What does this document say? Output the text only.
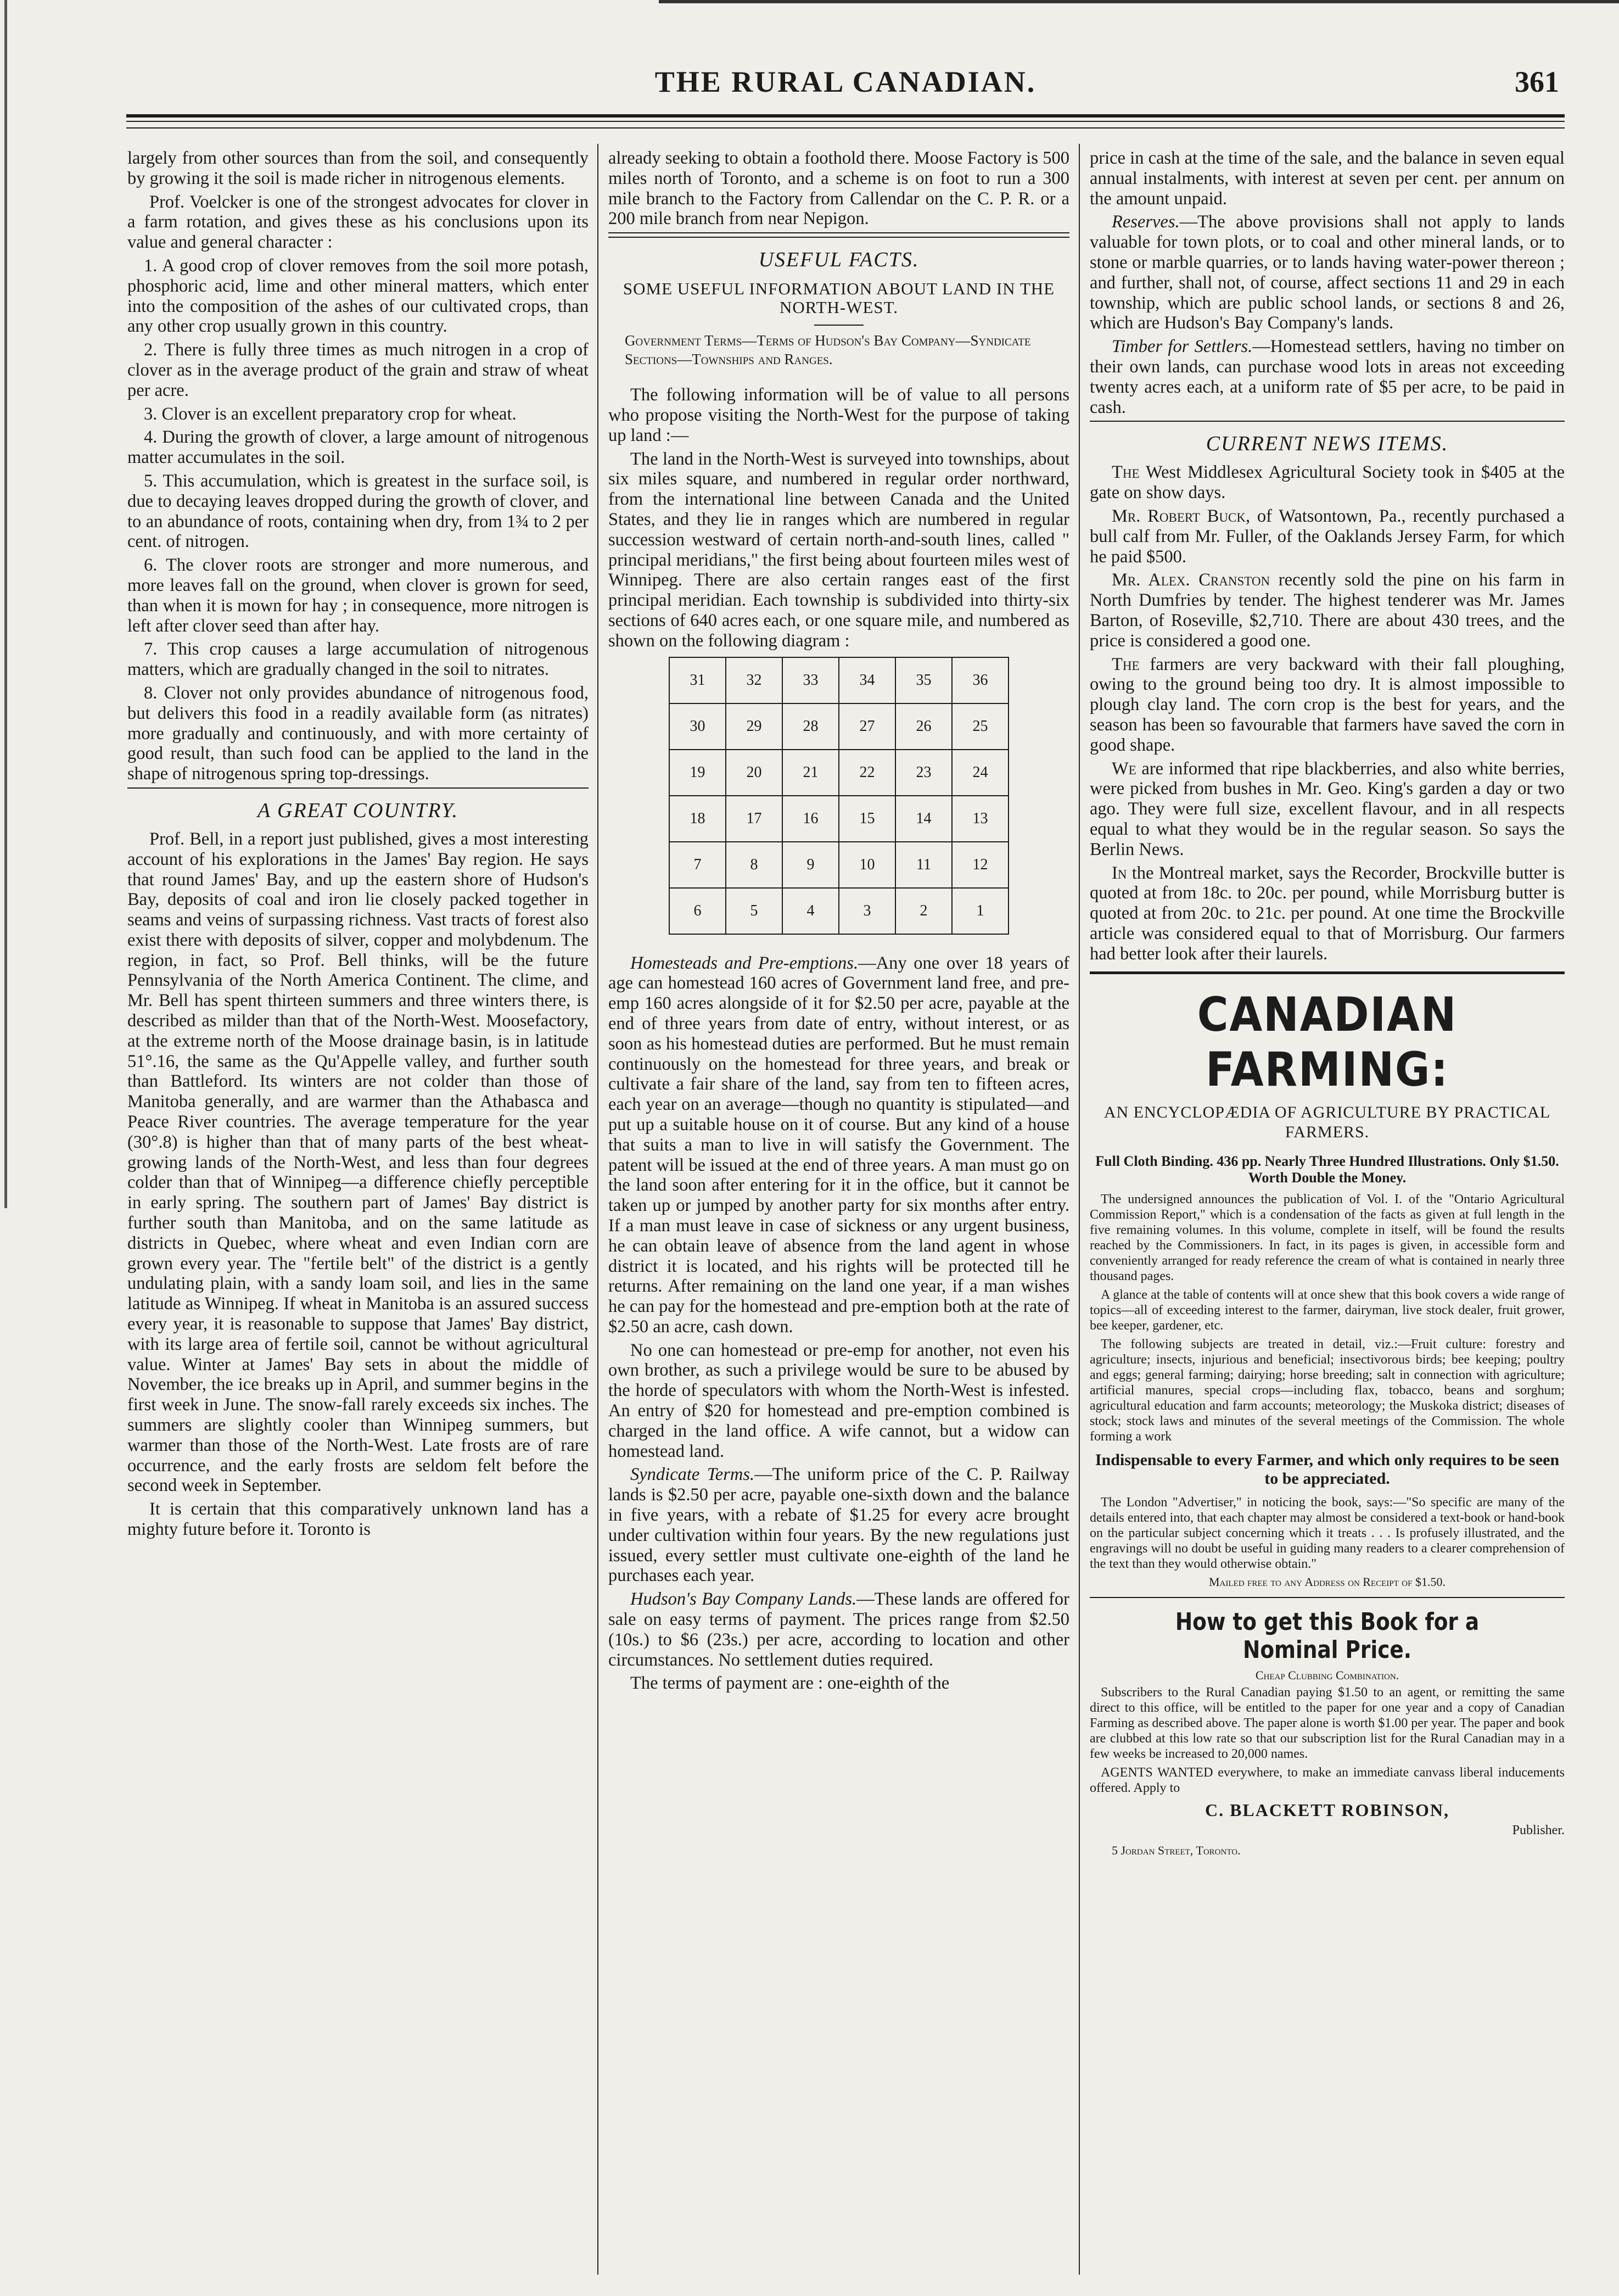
THE RURAL CANADIAN.	361

largely from other sources than from the soil, and consequently by growing it the soil is made richer in nitrogenous elements.

Prof. Voelcker is one of the strongest advocates for clover in a farm rotation, and gives these as his conclusions upon its value and general character :

1. A good crop of clover removes from the soil more potash, phosphoric acid, lime and other mineral matters, which enter into the composition of the ashes of our cultivated crops, than any other crop usually grown in this country.

2. There is fully three times as much nitrogen in a crop of clover as in the average product of the grain and straw of wheat per acre.

3. Clover is an excellent preparatory crop for wheat.

4. During the growth of clover, a large amount of nitrogenous matter accumulates in the soil.

5. This accumulation, which is greatest in the surface soil, is due to decaying leaves dropped during the growth of clover, and to an abundance of roots, containing when dry, from 1¾ to 2 per cent. of nitrogen.

6. The clover roots are stronger and more numerous, and more leaves fall on the ground, when clover is grown for seed, than when it is mown for hay ; in consequence, more nitrogen is left after clover seed than after hay.

7. This crop causes a large accumulation of nitrogenous matters, which are gradually changed in the soil to nitrates.

8. Clover not only provides abundance of nitrogenous food, but delivers this food in a readily available form (as nitrates) more gradually and continuously, and with more certainty of good result, than such food can be applied to the land in the shape of nitrogenous spring top-dressings.

A GREAT COUNTRY.

Prof. Bell, in a report just published, gives a most interesting account of his explorations in the James' Bay region. He says that round James' Bay, and up the eastern shore of Hudson's Bay, deposits of coal and iron lie closely packed together in seams and veins of surpassing richness. Vast tracts of forest also exist there with deposits of silver, copper and molybdenum. The region, in fact, so Prof. Bell thinks, will be the future Pennsylvania of the North America Continent. The clime, and Mr. Bell has spent thirteen summers and three winters there, is described as milder than that of the North-West. Moosefactory, at the extreme north of the Moose drainage basin, is in latitude 51°.16, the same as the Qu'Appelle valley, and further south than Battleford. Its winters are not colder than those of Manitoba generally, and are warmer than the Athabasca and Peace River countries. The average temperature for the year (30°.8) is higher than that of many parts of the best wheat-growing lands of the North-West, and less than four degrees colder than that of Winnipeg—a difference chiefly perceptible in early spring. The southern part of James' Bay district is further south than Manitoba, and on the same latitude as districts in Quebec, where wheat and even Indian corn are grown every year. The "fertile belt" of the district is a gently undulating plain, with a sandy loam soil, and lies in the same latitude as Winnipeg. If wheat in Manitoba is an assured success every year, it is reasonable to suppose that James' Bay district, with its large area of fertile soil, cannot be without agricultural value. Winter at James' Bay sets in about the middle of November, the ice breaks up in April, and summer begins in the first week in June. The snow-fall rarely exceeds six inches. The summers are slightly cooler than Winnipeg summers, but warmer than those of the North-West. Late frosts are of rare occurrence, and the early frosts are seldom felt before the second week in September.

It is certain that this comparatively unknown land has a mighty future before it. Toronto is

already seeking to obtain a foothold there. Moose Factory is 500 miles north of Toronto, and a scheme is on foot to run a 300 mile branch to the Factory from Callendar on the C. P. R. or a 200 mile branch from near Nepigon.

USEFUL FACTS.
SOME USEFUL INFORMATION ABOUT LAND IN THE NORTH-WEST.

Government Terms—Terms of Hudson's Bay Company—Syndicate Sections—Townships and Ranges.

The following information will be of value to all persons who propose visiting the North-West for the purpose of taking up land :—

The land in the North-West is surveyed into townships, about six miles square, and numbered in regular order northward, from the international line between Canada and the United States, and they lie in ranges which are numbered in regular succession westward of certain north-and-south lines, called " principal meridians," the first being about fourteen miles west of Winnipeg. There are also certain ranges east of the first principal meridian. Each township is subdivided into thirty-six sections of 640 acres each, or one square mile, and numbered as shown on the following diagram :

31	32	33	34	35	36
30	29	28	27	26	25
19	20	21	22	23	24
18	17	16	15	14	13
7	8	9	10	11	12
6	5	4	3	2	1

Homesteads and Pre-emptions.—Any one over 18 years of age can homestead 160 acres of Government land free, and pre-emp 160 acres alongside of it for $2.50 per acre, payable at the end of three years from date of entry, without interest, or as soon as his homestead duties are performed. But he must remain continuously on the homestead for three years, and break or cultivate a fair share of the land, say from ten to fifteen acres, each year on an average—though no quantity is stipulated—and put up a suitable house on it of course. But any kind of a house that suits a man to live in will satisfy the Government. The patent will be issued at the end of three years. A man must go on the land soon after entering for it in the office, but it cannot be taken up or jumped by another party for six months after entry. If a man must leave in case of sickness or any urgent business, he can obtain leave of absence from the land agent in whose district it is located, and his rights will be protected till he returns. After remaining on the land one year, if a man wishes he can pay for the homestead and pre-emption both at the rate of $2.50 an acre, cash down.

No one can homestead or pre-emp for another, not even his own brother, as such a privilege would be sure to be abused by the horde of speculators with whom the North-West is infested. An entry of $20 for homestead and pre-emption combined is charged in the land office. A wife cannot, but a widow can homestead land.

Syndicate Terms.—The uniform price of the C. P. Railway lands is $2.50 per acre, payable one-sixth down and the balance in five years, with a rebate of $1.25 for every acre brought under cultivation within four years. By the new regulations just issued, every settler must cultivate one-eighth of the land he purchases each year.

Hudson's Bay Company Lands.—These lands are offered for sale on easy terms of payment. The prices range from $2.50 (10s.) to $6 (23s.) per acre, according to location and other circumstances. No settlement duties required.

The terms of payment are : one-eighth of the

price in cash at the time of the sale, and the balance in seven equal annual instalments, with interest at seven per cent. per annum on the amount unpaid.

Reserves.—The above provisions shall not apply to lands valuable for town plots, or to coal and other mineral lands, or to stone or marble quarries, or to lands having water-power thereon ; and further, shall not, of course, affect sections 11 and 29 in each township, which are public school lands, or sections 8 and 26, which are Hudson's Bay Company's lands.

Timber for Settlers.—Homestead settlers, having no timber on their own lands, can purchase wood lots in areas not exceeding twenty acres each, at a uniform rate of $5 per acre, to be paid in cash.

CURRENT NEWS ITEMS.

The West Middlesex Agricultural Society took in $405 at the gate on show days.

Mr. Robert Buck, of Watsontown, Pa., recently purchased a bull calf from Mr. Fuller, of the Oaklands Jersey Farm, for which he paid $500.

Mr. Alex. Cranston recently sold the pine on his farm in North Dumfries by tender. The highest tenderer was Mr. James Barton, of Roseville, $2,710. There are about 430 trees, and the price is considered a good one.

The farmers are very backward with their fall ploughing, owing to the ground being too dry. It is almost impossible to plough clay land. The corn crop is the best for years, and the season has been so favourable that farmers have saved the corn in good shape.

We are informed that ripe blackberries, and also white berries, were picked from bushes in Mr. Geo. King's garden a day or two ago. They were full size, excellent flavour, and in all respects equal to what they would be in the regular season. So says the Berlin News.

In the Montreal market, says the Recorder, Brockville butter is quoted at from 18c. to 20c. per pound, while Morrisburg butter is quoted at from 20c. to 21c. per pound. At one time the Brockville article was considered equal to that of Morrisburg. Our farmers had better look after their laurels.

CANADIAN FARMING:
AN ENCYCLOPÆDIA OF AGRICULTURE BY PRACTICAL FARMERS.
Full Cloth Binding. 436 pp. Nearly Three Hundred Illustrations. Only $1.50. Worth Double the Money.

The undersigned announces the publication of Vol. I. of the "Ontario Agricultural Commission Report," which is a condensation of the facts as given at full length in the five remaining volumes. In this volume, complete in itself, will be found the results reached by the Commissioners. In fact, in its pages is given, in accessible form and conveniently arranged for ready reference the cream of what is contained in nearly three thousand pages.

A glance at the table of contents will at once shew that this book covers a wide range of topics—all of exceeding interest to the farmer, dairyman, live stock dealer, fruit grower, bee keeper, gardener, etc.

The following subjects are treated in detail, viz.:—Fruit culture: forestry and agriculture; insects, injurious and beneficial; insectivorous birds; bee keeping; poultry and eggs; general farming; dairying; horse breeding; salt in connection with agriculture; artificial manures, special crops—including flax, tobacco, beans and sorghum; agricultural education and farm accounts; meteorology; the Muskoka district; diseases of stock; stock laws and minutes of the several meetings of the Commission. The whole forming a work

Indispensable to every Farmer, and which only requires to be seen to be appreciated.

The London "Advertiser," in noticing the book, says:—"So specific are many of the details entered into, that each chapter may almost be considered a text-book or hand-book on the particular subject concerning which it treats . . . Is profusely illustrated, and the engravings will no doubt be useful in guiding many readers to a clearer comprehension of the text than they would otherwise obtain."

Mailed free to any Address on Receipt of $1.50.
How to get this Book for a Nominal Price.
Cheap Clubbing Combination.

Subscribers to the Rural Canadian paying $1.50 to an agent, or remitting the same direct to this office, will be entitled to the paper for one year and a copy of Canadian Farming as described above. The paper alone is worth $1.00 per year. The paper and book are clubbed at this low rate so that our subscription list for the Rural Canadian may in a few weeks be increased to 20,000 names.

AGENTS WANTED everywhere, to make an immediate canvass liberal inducements offered. Apply to

C. BLACKETT ROBINSON,

Publisher.

5 Jordan Street, Toronto.
